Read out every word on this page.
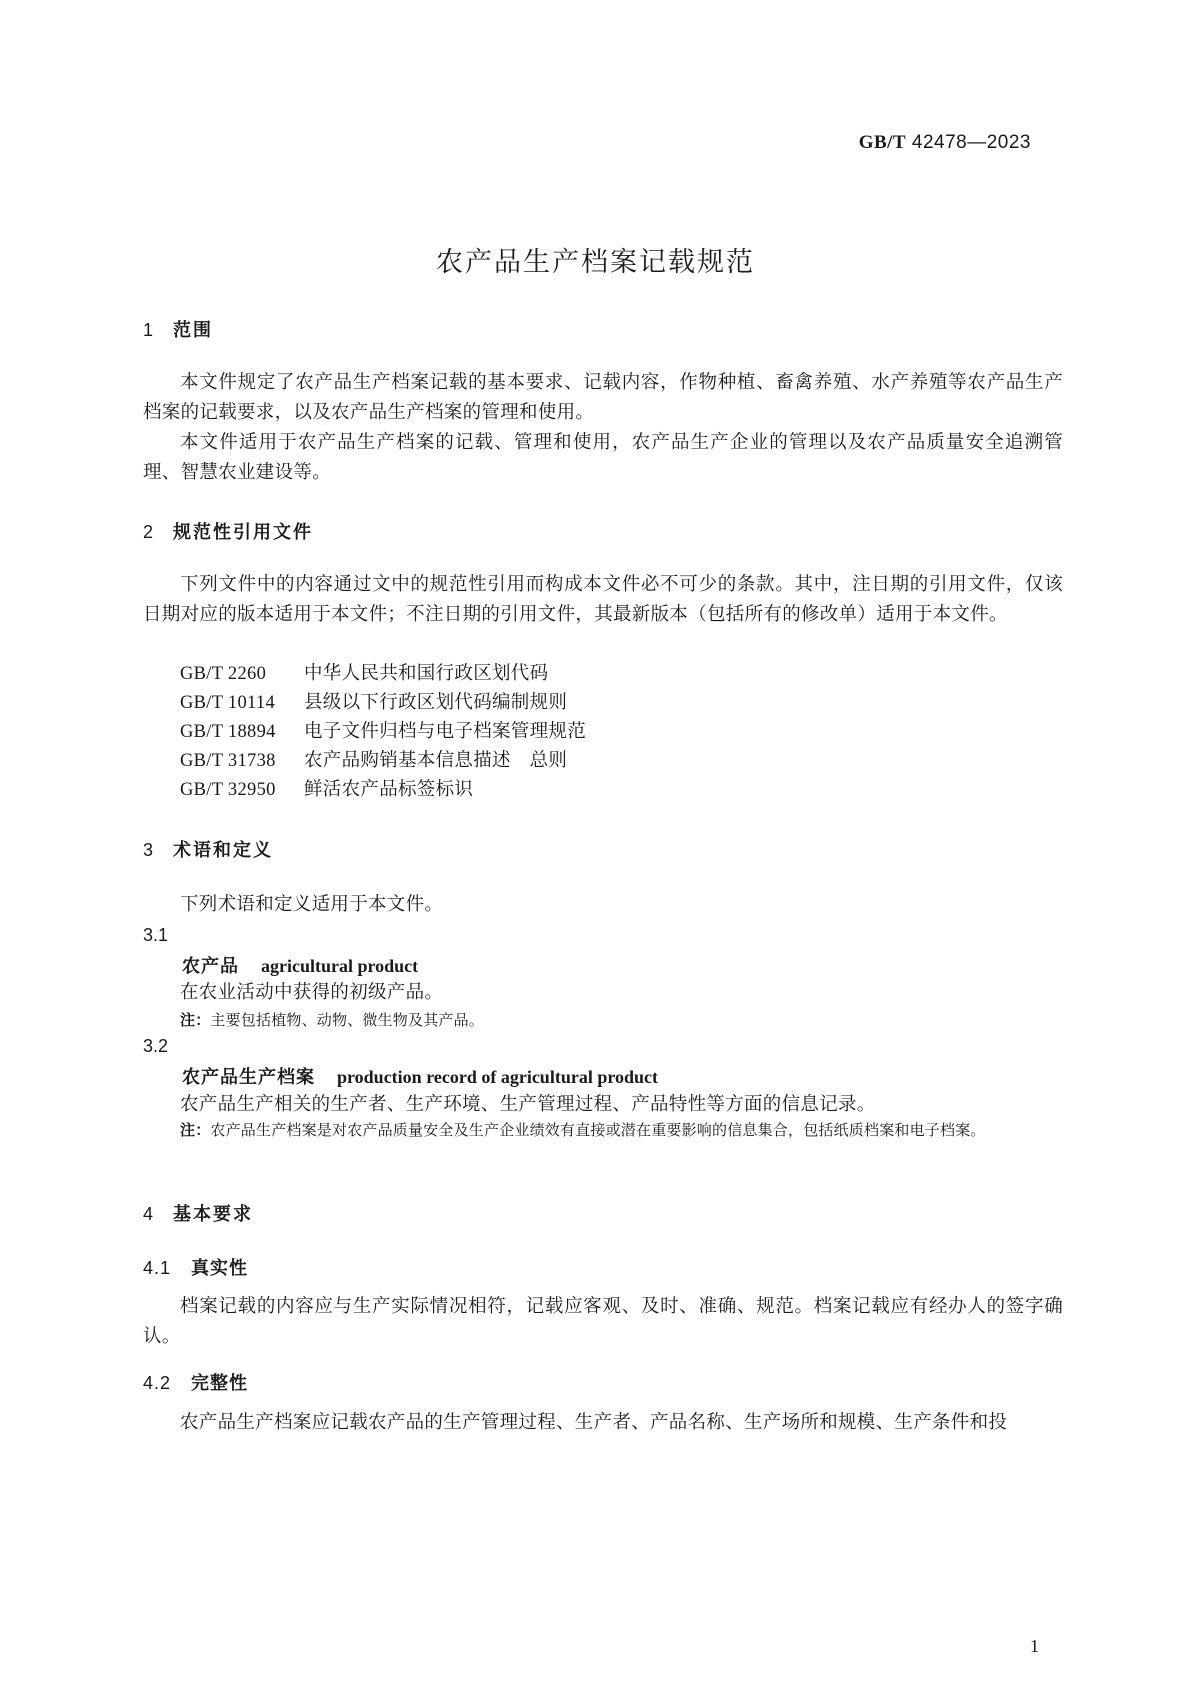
GB/T 42478—2023
农产品生产档案记载规范
1 范围
本文件规定了农产品生产档案记载的基本要求、记载内容，作物种植、畜禽养殖、水产养殖等农产品生产档案的记载要求，以及农产品生产档案的管理和使用。
本文件适用于农产品生产档案的记载、管理和使用，农产品生产企业的管理以及农产品质量安全追溯管理、智慧农业建设等。
2 规范性引用文件
下列文件中的内容通过文中的规范性引用而构成本文件必不可少的条款。其中，注日期的引用文件，仅该日期对应的版本适用于本文件；不注日期的引用文件，其最新版本（包括所有的修改单）适用于本文件。
GB/T 2260 中华人民共和国行政区划代码
GB/T 10114 县级以下行政区划代码编制规则
GB/T 18894 电子文件归档与电子档案管理规范
GB/T 31738 农产品购销基本信息描述　总则
GB/T 32950 鲜活农产品标签标识
3 术语和定义
下列术语和定义适用于本文件。
3.1
农产品 agricultural product
在农业活动中获得的初级产品。
注：主要包括植物、动物、微生物及其产品。
3.2
农产品生产档案 production record of agricultural product
农产品生产相关的生产者、生产环境、生产管理过程、产品特性等方面的信息记录。
注：农产品生产档案是对农产品质量安全及生产企业绩效有直接或潜在重要影响的信息集合，包括纸质档案和电子档案。
4 基本要求
4.1 真实性
档案记载的内容应与生产实际情况相符，记载应客观、及时、准确、规范。档案记载应有经办人的签字确认。
4.2 完整性
农产品生产档案应记载农产品的生产管理过程、生产者、产品名称、生产场所和规模、生产条件和投
1
